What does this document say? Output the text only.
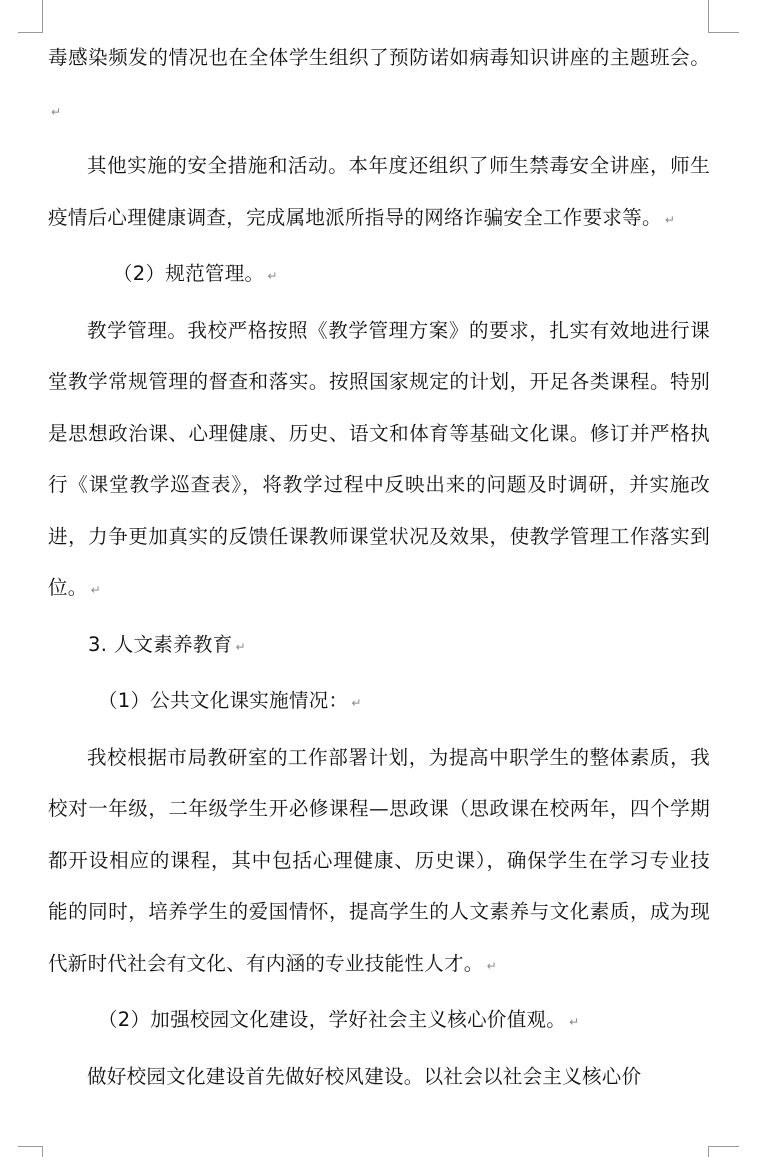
毒感染频发的情况也在全体学生组织了预防诺如病毒知识讲座的主题班会。↵

其他实施的安全措施和活动。本年度还组织了师生禁毒安全讲座，师生疫情后心理健康调查，完成属地派所指导的网络诈骗安全工作要求等。 ↵

（2）规范管理。 ↵

教学管理。我校严格按照《教学管理方案》的要求，扎实有效地进行课堂教学常规管理的督查和落实。按照国家规定的计划，开足各类课程。特别是思想政治课、心理健康、历史、语文和体育等基础文化课。修订并严格执行《课堂教学巡查表》，将教学过程中反映出来的问题及时调研，并实施改进，力争更加真实的反馈任课教师课堂状况及效果，使教学管理工作落实到位。 ↵

3. 人文素养教育 ↵

（1）公共文化课实施情况： ↵

我校根据市局教研室的工作部署计划，为提高中职学生的整体素质，我校对一年级，二年级学生开必修课程—思政课（思政课在校两年，四个学期都开设相应的课程，其中包括心理健康、历史课），确保学生在学习专业技能的同时，培养学生的爱国情怀，提高学生的人文素养与文化素质，成为现代新时代社会有文化、有内涵的专业技能性人才。 ↵

（2）加强校园文化建设，学好社会主义核心价值观。 ↵

做好校园文化建设首先做好校风建设。以社会以社会主义核心价
